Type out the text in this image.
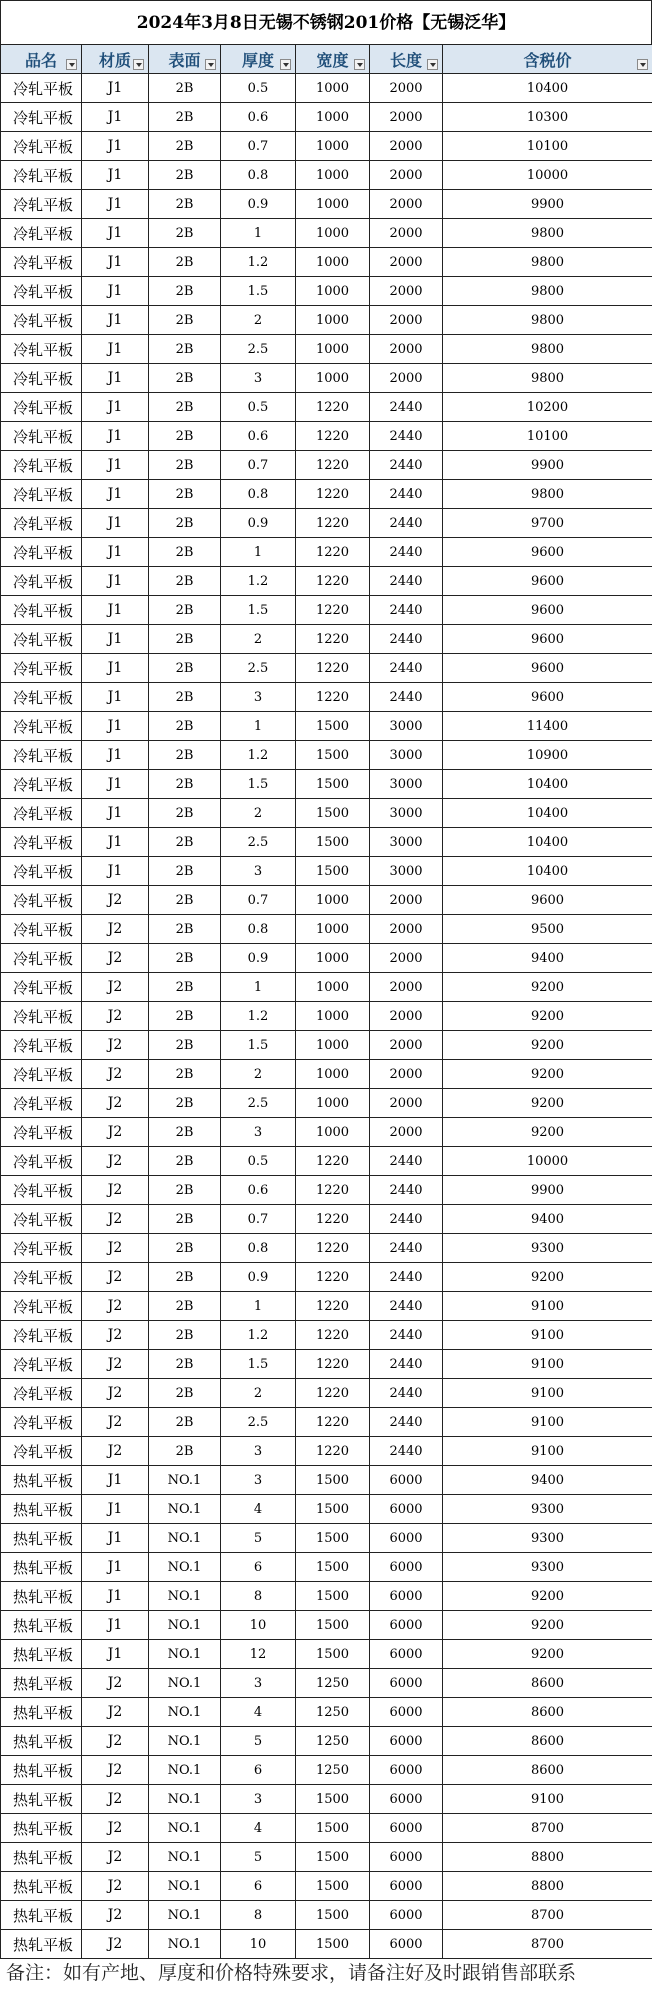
2024年3月8日无锡不锈钢201价格【无锡泛华】
品名	材质	表面	厚度	宽度	长度	含税价

冷轧平板	J1	2B	0.5	1000	2000	10400
冷轧平板	J1	2B	0.6	1000	2000	10300
冷轧平板	J1	2B	0.7	1000	2000	10100
冷轧平板	J1	2B	0.8	1000	2000	10000
冷轧平板	J1	2B	0.9	1000	2000	9900
冷轧平板	J1	2B	1	1000	2000	9800
冷轧平板	J1	2B	1.2	1000	2000	9800
冷轧平板	J1	2B	1.5	1000	2000	9800
冷轧平板	J1	2B	2	1000	2000	9800
冷轧平板	J1	2B	2.5	1000	2000	9800
冷轧平板	J1	2B	3	1000	2000	9800
冷轧平板	J1	2B	0.5	1220	2440	10200
冷轧平板	J1	2B	0.6	1220	2440	10100
冷轧平板	J1	2B	0.7	1220	2440	9900
冷轧平板	J1	2B	0.8	1220	2440	9800
冷轧平板	J1	2B	0.9	1220	2440	9700
冷轧平板	J1	2B	1	1220	2440	9600
冷轧平板	J1	2B	1.2	1220	2440	9600
冷轧平板	J1	2B	1.5	1220	2440	9600
冷轧平板	J1	2B	2	1220	2440	9600
冷轧平板	J1	2B	2.5	1220	2440	9600
冷轧平板	J1	2B	3	1220	2440	9600
冷轧平板	J1	2B	1	1500	3000	11400
冷轧平板	J1	2B	1.2	1500	3000	10900
冷轧平板	J1	2B	1.5	1500	3000	10400
冷轧平板	J1	2B	2	1500	3000	10400
冷轧平板	J1	2B	2.5	1500	3000	10400
冷轧平板	J1	2B	3	1500	3000	10400
冷轧平板	J2	2B	0.7	1000	2000	9600
冷轧平板	J2	2B	0.8	1000	2000	9500
冷轧平板	J2	2B	0.9	1000	2000	9400
冷轧平板	J2	2B	1	1000	2000	9200
冷轧平板	J2	2B	1.2	1000	2000	9200
冷轧平板	J2	2B	1.5	1000	2000	9200
冷轧平板	J2	2B	2	1000	2000	9200
冷轧平板	J2	2B	2.5	1000	2000	9200
冷轧平板	J2	2B	3	1000	2000	9200
冷轧平板	J2	2B	0.5	1220	2440	10000
冷轧平板	J2	2B	0.6	1220	2440	9900
冷轧平板	J2	2B	0.7	1220	2440	9400
冷轧平板	J2	2B	0.8	1220	2440	9300
冷轧平板	J2	2B	0.9	1220	2440	9200
冷轧平板	J2	2B	1	1220	2440	9100
冷轧平板	J2	2B	1.2	1220	2440	9100
冷轧平板	J2	2B	1.5	1220	2440	9100
冷轧平板	J2	2B	2	1220	2440	9100
冷轧平板	J2	2B	2.5	1220	2440	9100
冷轧平板	J2	2B	3	1220	2440	9100
热轧平板	J1	NO.1	3	1500	6000	9400
热轧平板	J1	NO.1	4	1500	6000	9300
热轧平板	J1	NO.1	5	1500	6000	9300
热轧平板	J1	NO.1	6	1500	6000	9300
热轧平板	J1	NO.1	8	1500	6000	9200
热轧平板	J1	NO.1	10	1500	6000	9200
热轧平板	J1	NO.1	12	1500	6000	9200
热轧平板	J2	NO.1	3	1250	6000	8600
热轧平板	J2	NO.1	4	1250	6000	8600
热轧平板	J2	NO.1	5	1250	6000	8600
热轧平板	J2	NO.1	6	1250	6000	8600
热轧平板	J2	NO.1	3	1500	6000	9100
热轧平板	J2	NO.1	4	1500	6000	8700
热轧平板	J2	NO.1	5	1500	6000	8800
热轧平板	J2	NO.1	6	1500	6000	8800
热轧平板	J2	NO.1	8	1500	6000	8700
热轧平板	J2	NO.1	10	1500	6000	8700
备注：如有产地、厚度和价格特殊要求，请备注好及时跟销售部联系
